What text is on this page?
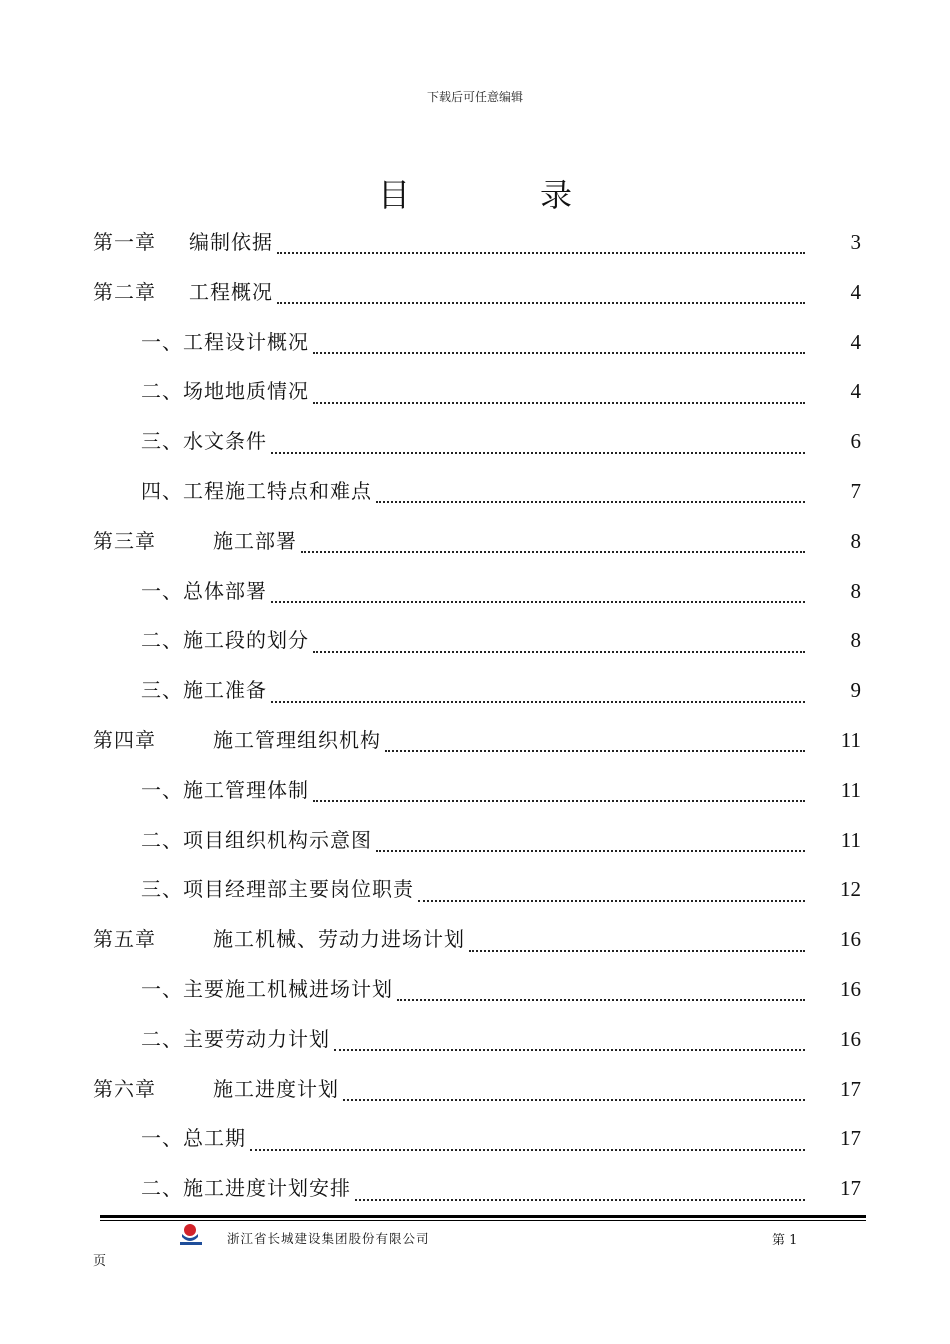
下载后可任意编辑
目	录
第一章 编制依据	3
第二章 工程概况	4
一、工程设计概况	4
二、场地地质情况	4
三、水文条件	6
四、工程施工特点和难点	7
第三章	施工部署	8
一、总体部署	8
二、施工段的划分	8
三、施工准备	9
第四章	施工管理组织机构	11
一、施工管理体制	11
二、项目组织机构示意图	11
三、项目经理部主要岗位职责	12
第五章	施工机械、劳动力进场计划	16
一、主要施工机械进场计划	16
二、主要劳动力计划	16
第六章	施工进度计划	17
一、总工期	17
二、施工进度计划安排	17
浙江省长城建设集团股份有限公司	第 1
页
